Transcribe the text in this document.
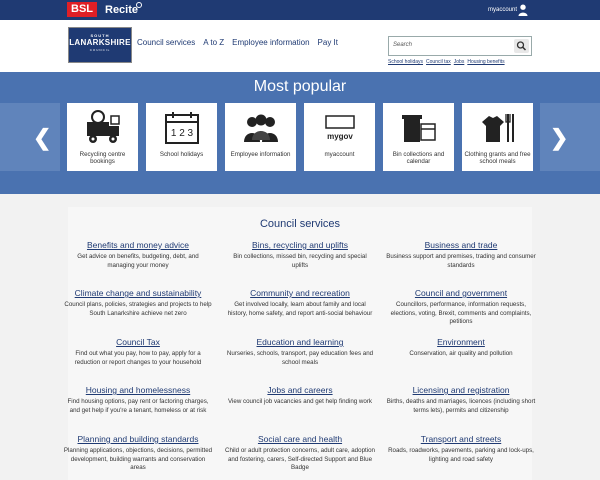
BSL	Recite	myaccount
SOUTH
LANARKSHIRE
COUNCIL
Council services A to Z Employee information Pay It	Search
School holidays Council tax Jobs Housing benefits
Most popular
❮	❯
Recycling centre bookings
1 2 3
School holidays	Employee information
mygov
myaccount	Bin collections and calendar
Clothing grants and free school meals
Council services
Benefits and money advice
Get advice on benefits, budgeting, debt, and managing your money
Bins, recycling and uplifts
Bin collections, missed bin, recycling and special uplifts
Business and trade
Business support and premises, trading and consumer standards
Climate change and sustainability
Council plans, policies, strategies and projects to help South Lanarkshire achieve net zero
Community and recreation
Get involved locally, learn about family and local history, home safety, and report anti-social behaviour
Council and government
Councillors, performance, information requests, elections, voting, Brexit, comments and complaints, petitions
Council Tax
Find out what you pay, how to pay, apply for a reduction or report changes to your household
Education and learning
Nurseries, schools, transport, pay education fees and school meals
Environment
Conservation, air quality and pollution
Housing and homelessness
Find housing options, pay rent or factoring charges, and get help if you're a tenant, homeless or at risk
Jobs and careers
View council job vacancies and get help finding work
Licensing and registration
Births, deaths and marriages, licences (including short terms lets), permits and citizenship
Planning and building standards
Planning applications, objections, decisions, permitted development, building warrants and conservation areas
Social care and health
Child or adult protection concerns, adult care, adoption and fostering, carers, Self-directed Support and Blue Badge
Transport and streets
Roads, roadworks, pavements, parking and lock-ups, lighting and road safety
